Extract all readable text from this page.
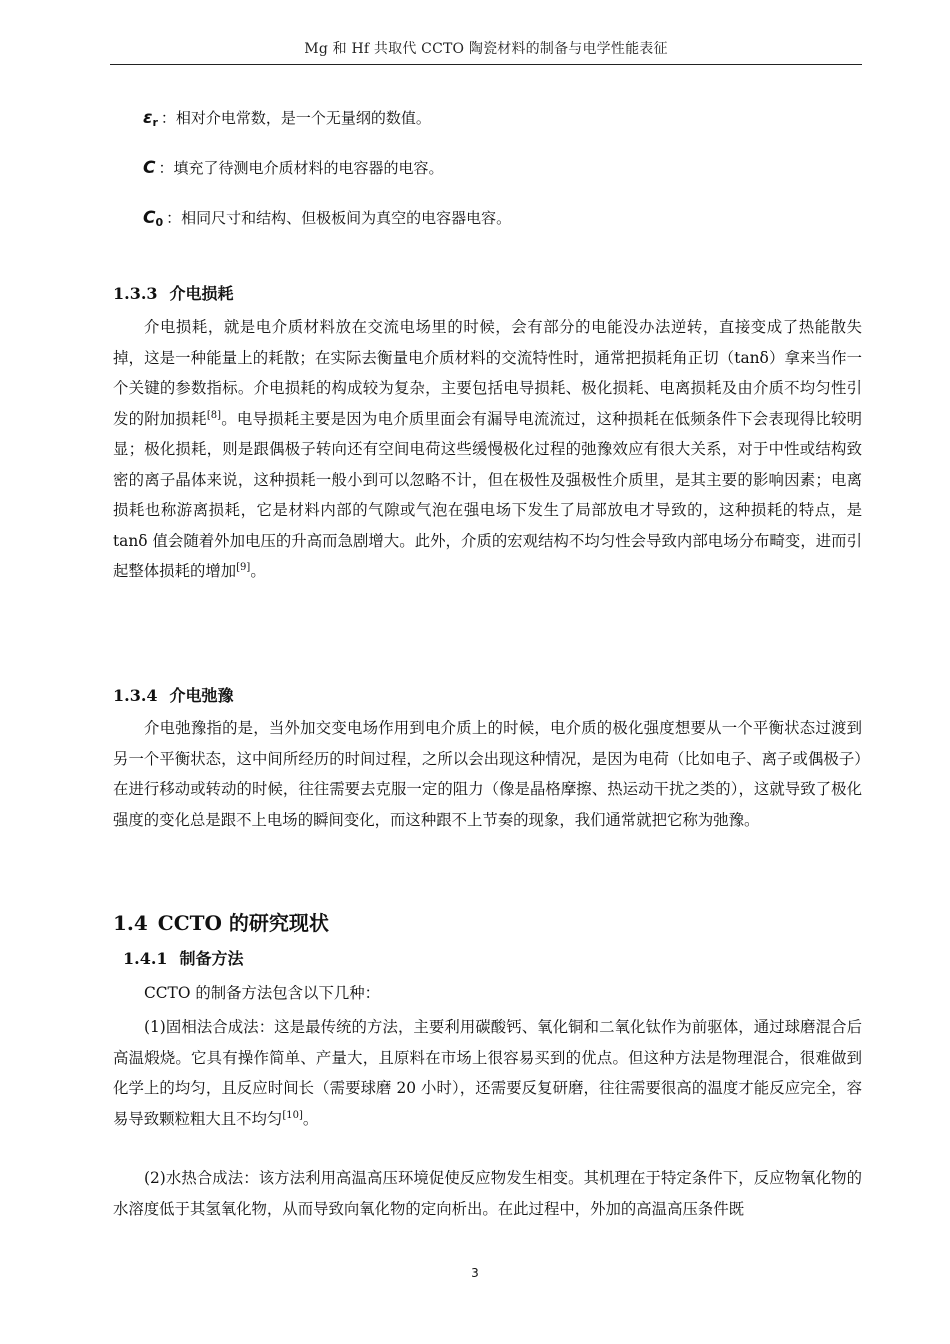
Mg 和 Hf 共取代 CCTO 陶瓷材料的制备与电学性能表征
$\varepsilon_r$ ：相对介电常数，是一个无量纲的数值。
C ：填充了待测电介质材料的电容器的电容。
$C_0$ ：相同尺寸和结构、但极板间为真空的电容器电容。
1.3.3 介电损耗
介电损耗，就是电介质材料放在交流电场里的时候，会有部分的电能没办法逆转，直接变成了热能散失掉，这是一种能量上的耗散；在实际去衡量电介质材料的交流特性时，通常把损耗角正切（tanδ）拿来当作一个关键的参数指标。介电损耗的构成较为复杂，主要包括电导损耗、极化损耗、电离损耗及由介质不均匀性引发的附加损耗[8]。电导损耗主要是因为电介质里面会有漏导电流流过，这种损耗在低频条件下会表现得比较明显；极化损耗，则是跟偶极子转向还有空间电荷这些缓慢极化过程的弛豫效应有很大关系，对于中性或结构致密的离子晶体来说，这种损耗一般小到可以忽略不计，但在极性及强极性介质里，是其主要的影响因素；电离损耗也称游离损耗，它是材料内部的气隙或气泡在强电场下发生了局部放电才导致的，这种损耗的特点，是 tanδ 值会随着外加电压的升高而急剧增大。此外，介质的宏观结构不均匀性会导致内部电场分布畸变，进而引起整体损耗的增加[9]。
1.3.4 介电弛豫
介电弛豫指的是，当外加交变电场作用到电介质上的时候，电介质的极化强度想要从一个平衡状态过渡到另一个平衡状态，这中间所经历的时间过程，之所以会出现这种情况，是因为电荷（比如电子、离子或偶极子）在进行移动或转动的时候，往往需要去克服一定的阻力（像是晶格摩擦、热运动干扰之类的），这就导致了极化强度的变化总是跟不上电场的瞬间变化，而这种跟不上节奏的现象，我们通常就把它称为弛豫。
1.4 CCTO 的研究现状
1.4.1 制备方法
CCTO 的制备方法包含以下几种：
(1)固相法合成法：这是最传统的方法，主要利用碳酸钙、氧化铜和二氧化钛作为前驱体，通过球磨混合后高温煅烧。它具有操作简单、产量大，且原料在市场上很容易买到的优点。但这种方法是物理混合，很难做到化学上的均匀，且反应时间长（需要球磨 20 小时），还需要反复研磨，往往需要很高的温度才能反应完全，容易导致颗粒粗大且不均匀[10]。
(2)水热合成法：该方法利用高温高压环境促使反应物发生相变。其机理在于特定条件下，反应物氧化物的水溶度低于其氢氧化物，从而导致向氧化物的定向析出。在此过程中，外加的高温高压条件既
3
